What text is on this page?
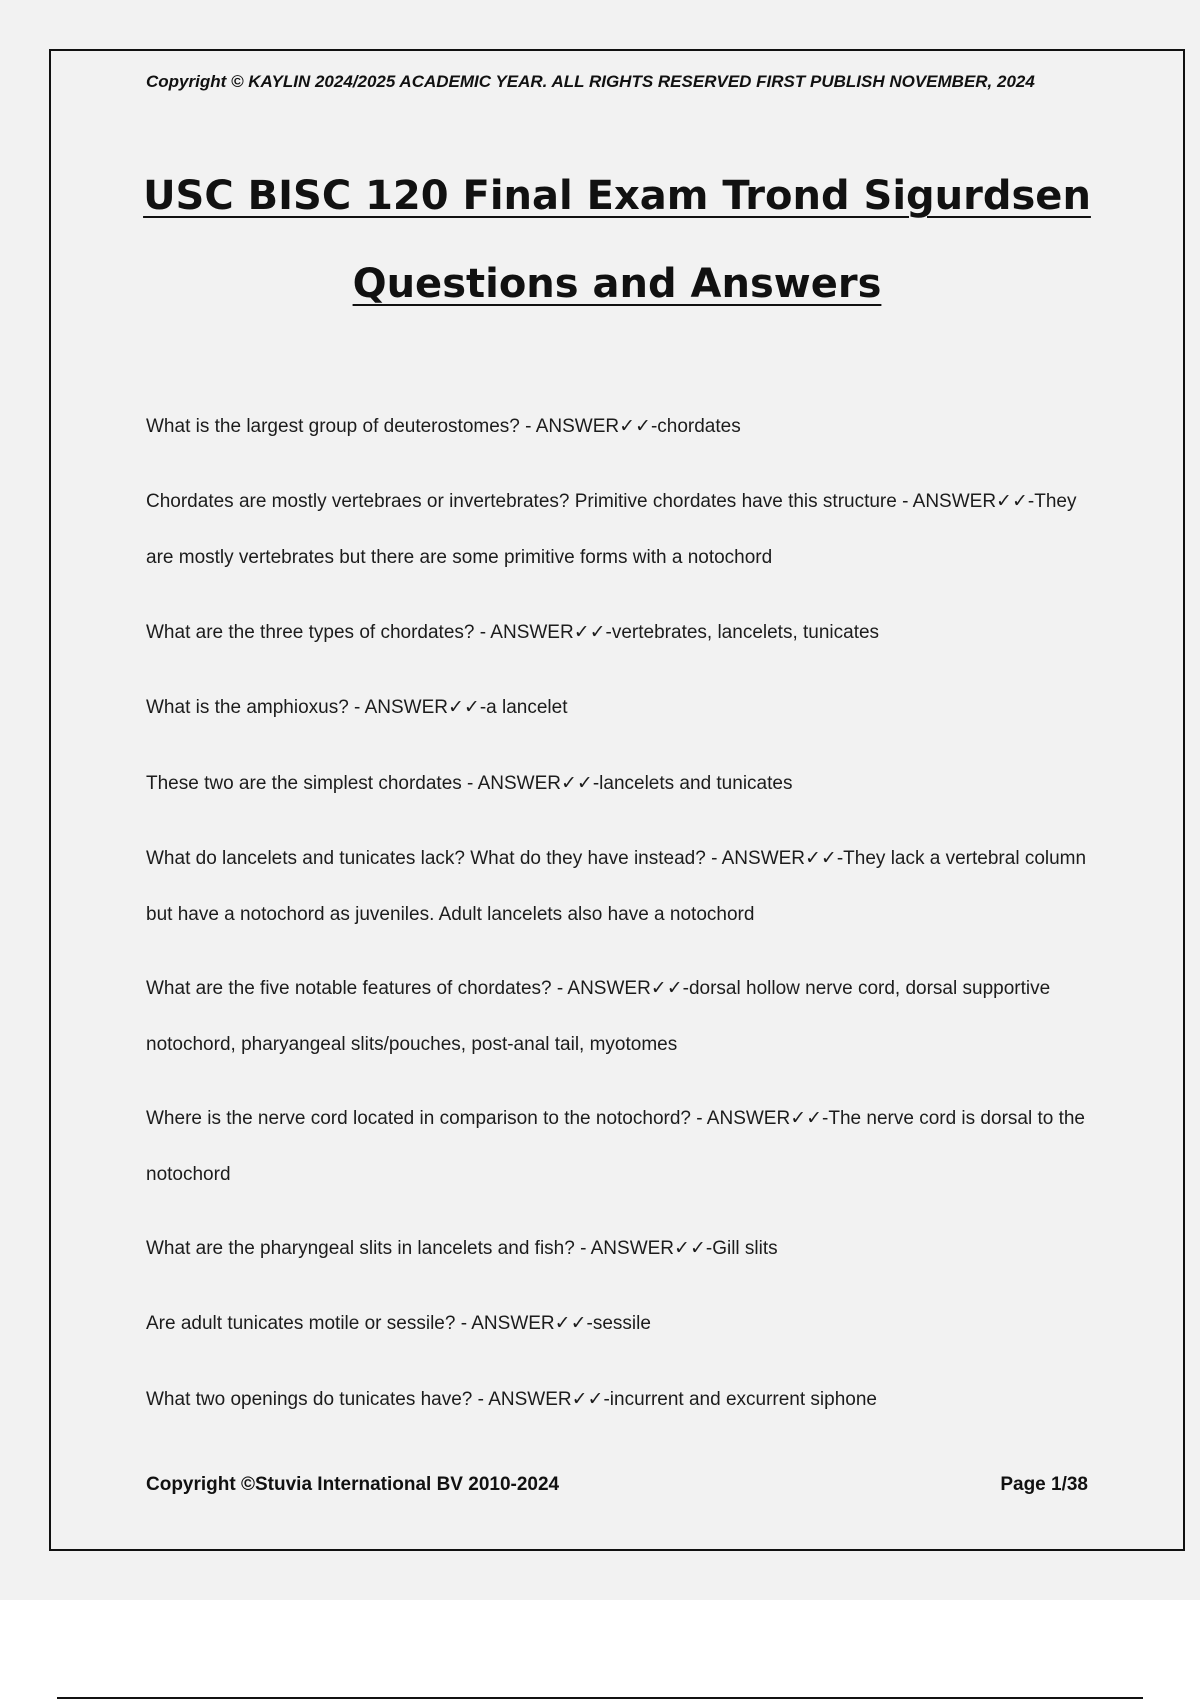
Copyright © KAYLIN 2024/2025 ACADEMIC YEAR. ALL RIGHTS RESERVED FIRST PUBLISH NOVEMBER, 2024
USC BISC 120 Final Exam Trond Sigurdsen
Questions and Answers

What is the largest group of deuterostomes? - ANSWER✓✓-chordates

Chordates are mostly vertebraes or invertebrates? Primitive chordates have this structure - ANSWER✓✓-They are mostly vertebrates but there are some primitive forms with a notochord

What are the three types of chordates? - ANSWER✓✓-vertebrates, lancelets, tunicates

What is the amphioxus? - ANSWER✓✓-a lancelet

These two are the simplest chordates - ANSWER✓✓-lancelets and tunicates

What do lancelets and tunicates lack? What do they have instead? - ANSWER✓✓-They lack a vertebral column but have a notochord as juveniles. Adult lancelets also have a notochord

What are the five notable features of chordates? - ANSWER✓✓-dorsal hollow nerve cord, dorsal supportive notochord, pharyangeal slits/pouches, post-anal tail, myotomes

Where is the nerve cord located in comparison to the notochord? - ANSWER✓✓-The nerve cord is dorsal to the notochord

What are the pharyngeal slits in lancelets and fish? - ANSWER✓✓-Gill slits

Are adult tunicates motile or sessile? - ANSWER✓✓-sessile

What two openings do tunicates have? - ANSWER✓✓-incurrent and excurrent siphone

Copyright ©Stuvia International BV 2010-2024	Page 1/38
